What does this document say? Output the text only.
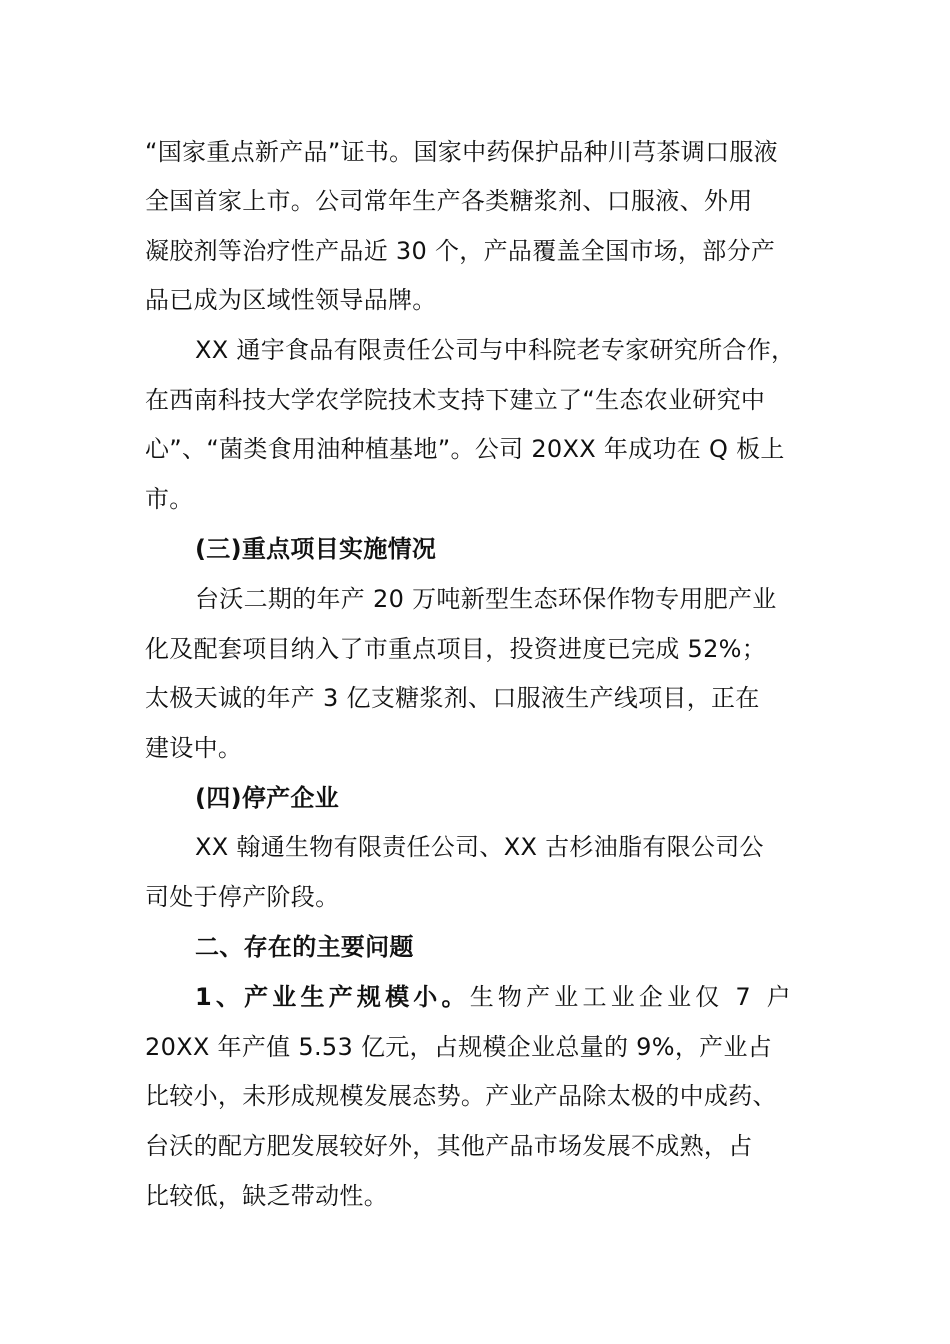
“国家重点新产品”证书。国家中药保护品种川芎茶调口服液
全国首家上市。公司常年生产各类糖浆剂、口服液、外用
凝胶剂等治疗性产品近 30 个，产品覆盖全国市场，部分产
品已成为区域性领导品牌。
XX 通宇食品有限责任公司与中科院老专家研究所合作，
在西南科技大学农学院技术支持下建立了“生态农业研究中
心”、“菌类食用油种植基地”。公司 20XX 年成功在 Q 板上
市。
(三)重点项目实施情况
台沃二期的年产 20 万吨新型生态环保作物专用肥产业
化及配套项目纳入了市重点项目，投资进度已完成 52%；
太极天诚的年产 3 亿支糖浆剂、口服液生产线项目，正在
建设中。
(四)停产企业
XX 翰通生物有限责任公司、XX 古杉油脂有限公司公
司处于停产阶段。
二、存在的主要问题
1、产业生产规模小。生物产业工业企业仅 7 户
20XX 年产值 5.53 亿元，占规模企业总量的 9%，产业占
比较小，未形成规模发展态势。产业产品除太极的中成药、
台沃的配方肥发展较好外，其他产品市场发展不成熟，占
比较低，缺乏带动性。
